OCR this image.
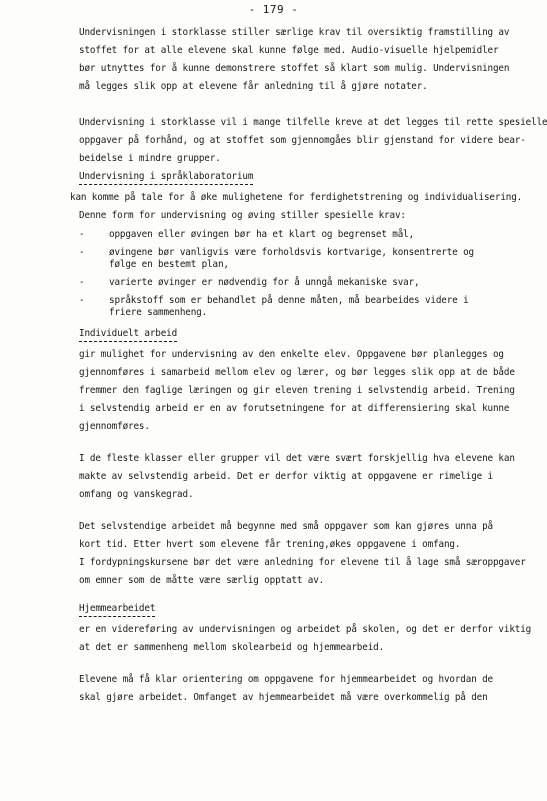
- 179 -

Undervisningen i storklasse stiller særlige krav til oversiktig framstilling av
stoffet for at alle elevene skal kunne følge med. Audio-visuelle hjelpemidler
bør utnyttes for å kunne demonstrere stoffet så klart som mulig. Undervisningen
må legges slik opp at elevene får anledning til å gjøre notater.

Undervisning i storklasse vil i mange tilfelle kreve at det legges til rette spesielle
oppgaver på forhånd, og at stoffet som gjennomgåes blir gjenstand for videre bear-
beidelse i mindre grupper.

Undervisning i språklaboratorium

kan komme på tale for å øke mulighetene for ferdighetstrening og individualisering.
Denne form for undervisning og øving stiller spesielle krav:

-	oppgaven eller øvingen bør ha et klart og begrenset mål,
-	øvingene bør vanligvis være forholdsvis kortvarige, konsentrerte og
følge en bestemt plan,
-	varierte øvinger er nødvendig for å unngå mekaniske svar,
-	språkstoff som er behandlet på denne måten, må bearbeides videre i
friere sammenheng.
Individuelt arbeid

gir mulighet for undervisning av den enkelte elev. Oppgavene bør planlegges og
gjennomføres i samarbeid mellom elev og lærer, og bør legges slik opp at de både
fremmer den faglige læringen og gir eleven trening i selvstendig arbeid. Trening
i selvstendig arbeid er en av forutsetningene for at differensiering skal kunne
gjennomføres.

I de fleste klasser eller grupper vil det være svært forskjellig hva elevene kan
makte av selvstendig arbeid. Det er derfor viktig at oppgavene er rimelige i
omfang og vanskegrad.

Det selvstendige arbeidet må begynne med små oppgaver som kan gjøres unna på
kort tid. Etter hvert som elevene får trening,økes oppgavene i omfang.
I fordypningskursene bør det være anledning for elevene til å lage små særoppgaver
om emner som de måtte være særlig opptatt av.

Hjemmearbeidet

er en videreføring av undervisningen og arbeidet på skolen, og det er derfor viktig
at det er sammenheng mellom skolearbeid og hjemmearbeid.

Elevene må få klar orientering om oppgavene for hjemmearbeidet og hvordan de
skal gjøre arbeidet. Omfanget av hjemmearbeidet må være overkommelig på den
